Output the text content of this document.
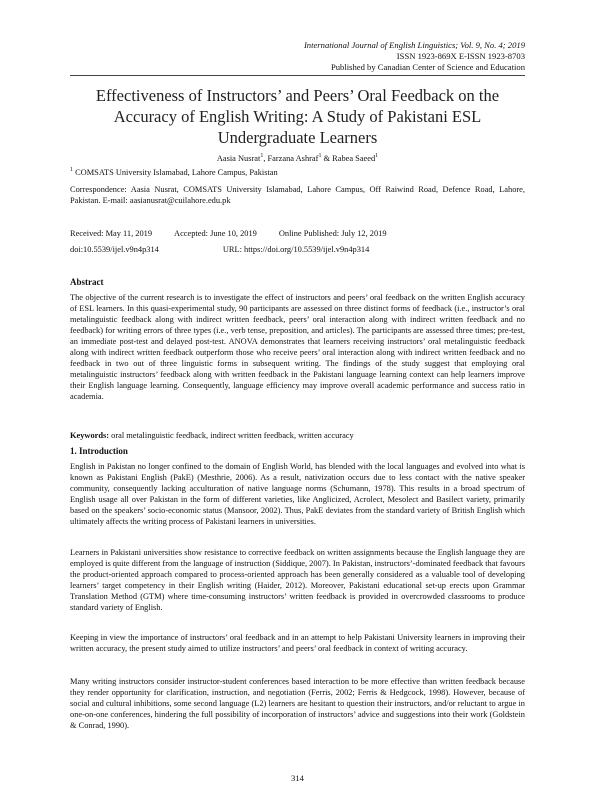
International Journal of English Linguistics; Vol. 9, No. 4; 2019
ISSN 1923-869X E-ISSN 1923-8703
Published by Canadian Center of Science and Education
Effectiveness of Instructors’ and Peers’ Oral Feedback on the Accuracy of English Writing: A Study of Pakistani ESL Undergraduate Learners
Aasia Nusrat$^1$, Farzana Ashraf$^1$ & Rabea Saeed$^1$
$^1$ COMSATS University Islamabad, Lahore Campus, Pakistan
Correspondence: Aasia Nusrat, COMSATS University Islamabad, Lahore Campus, Off Raiwind Road, Defence Road, Lahore, Pakistan. E-mail: aasianusrat@cuilahore.edu.pk
Received: May 11, 2019	Accepted: June 10, 2019	Online Published: July 12, 2019
doi:10.5539/ijel.v9n4p314	URL: https://doi.org/10.5539/ijel.v9n4p314
Abstract
The objective of the current research is to investigate the effect of instructors and peers’ oral feedback on the written English accuracy of ESL learners. In this quasi-experimental study, 90 participants are assessed on three distinct forms of feedback (i.e., instructor’s oral metalinguistic feedback along with indirect written feedback, peers’ oral interaction along with indirect written feedback and no feedback) for writing errors of three types (i.e., verb tense, preposition, and articles). The participants are assessed three times; pre-test, an immediate post-test and delayed post-test. ANOVA demonstrates that learners receiving instructors’ oral metalinguistic feedback along with indirect written feedback outperform those who receive peers’ oral interaction along with indirect written feedback and no feedback in two out of three linguistic forms in subsequent writing. The findings of the study suggest that employing oral metalinguistic instructors’ feedback along with written feedback in the Pakistani language learning context can help learners improve their English language learning. Consequently, language efficiency may improve overall academic performance and success ratio in academia.
Keywords: oral metalinguistic feedback, indirect written feedback, written accuracy
1. Introduction
English in Pakistan no longer confined to the domain of English World, has blended with the local languages and evolved into what is known as Pakistani English (PakE) (Mesthrie, 2006). As a result, nativization occurs due to less contact with the native speaker community, consequently lacking acculturation of native language norms (Schumann, 1978). This results in a broad spectrum of English usage all over Pakistan in the form of different varieties, like Anglicized, Acrolect, Mesolect and Basilect variety, primarily based on the speakers’ socio-economic status (Mansoor, 2002). Thus, PakE deviates from the standard variety of British English which ultimately affects the writing process of Pakistani learners in universities.
Learners in Pakistani universities show resistance to corrective feedback on written assignments because the English language they are employed is quite different from the language of instruction (Siddique, 2007). In Pakistan, instructors’-dominated feedback that favours the product-oriented approach compared to process-oriented approach has been generally considered as a valuable tool of developing learners’ target competency in their English writing (Haider, 2012). Moreover, Pakistani educational set-up erects upon Grammar Translation Method (GTM) where time-consuming instructors’ written feedback is provided in overcrowded classrooms to produce standard variety of English.
Keeping in view the importance of instructors’ oral feedback and in an attempt to help Pakistani University learners in improving their written accuracy, the present study aimed to utilize instructors’ and peers’ oral feedback in context of writing accuracy.
Many writing instructors consider instructor-student conferences based interaction to be more effective than written feedback because they render opportunity for clarification, instruction, and negotiation (Ferris, 2002; Ferris & Hedgcock, 1998). However, because of social and cultural inhibitions, some second language (L2) learners are hesitant to question their instructors, and/or reluctant to argue in one-on-one conferences, hindering the full possibility of incorporation of instructors’ advice and suggestions into their work (Goldstein & Conrad, 1990).
314
